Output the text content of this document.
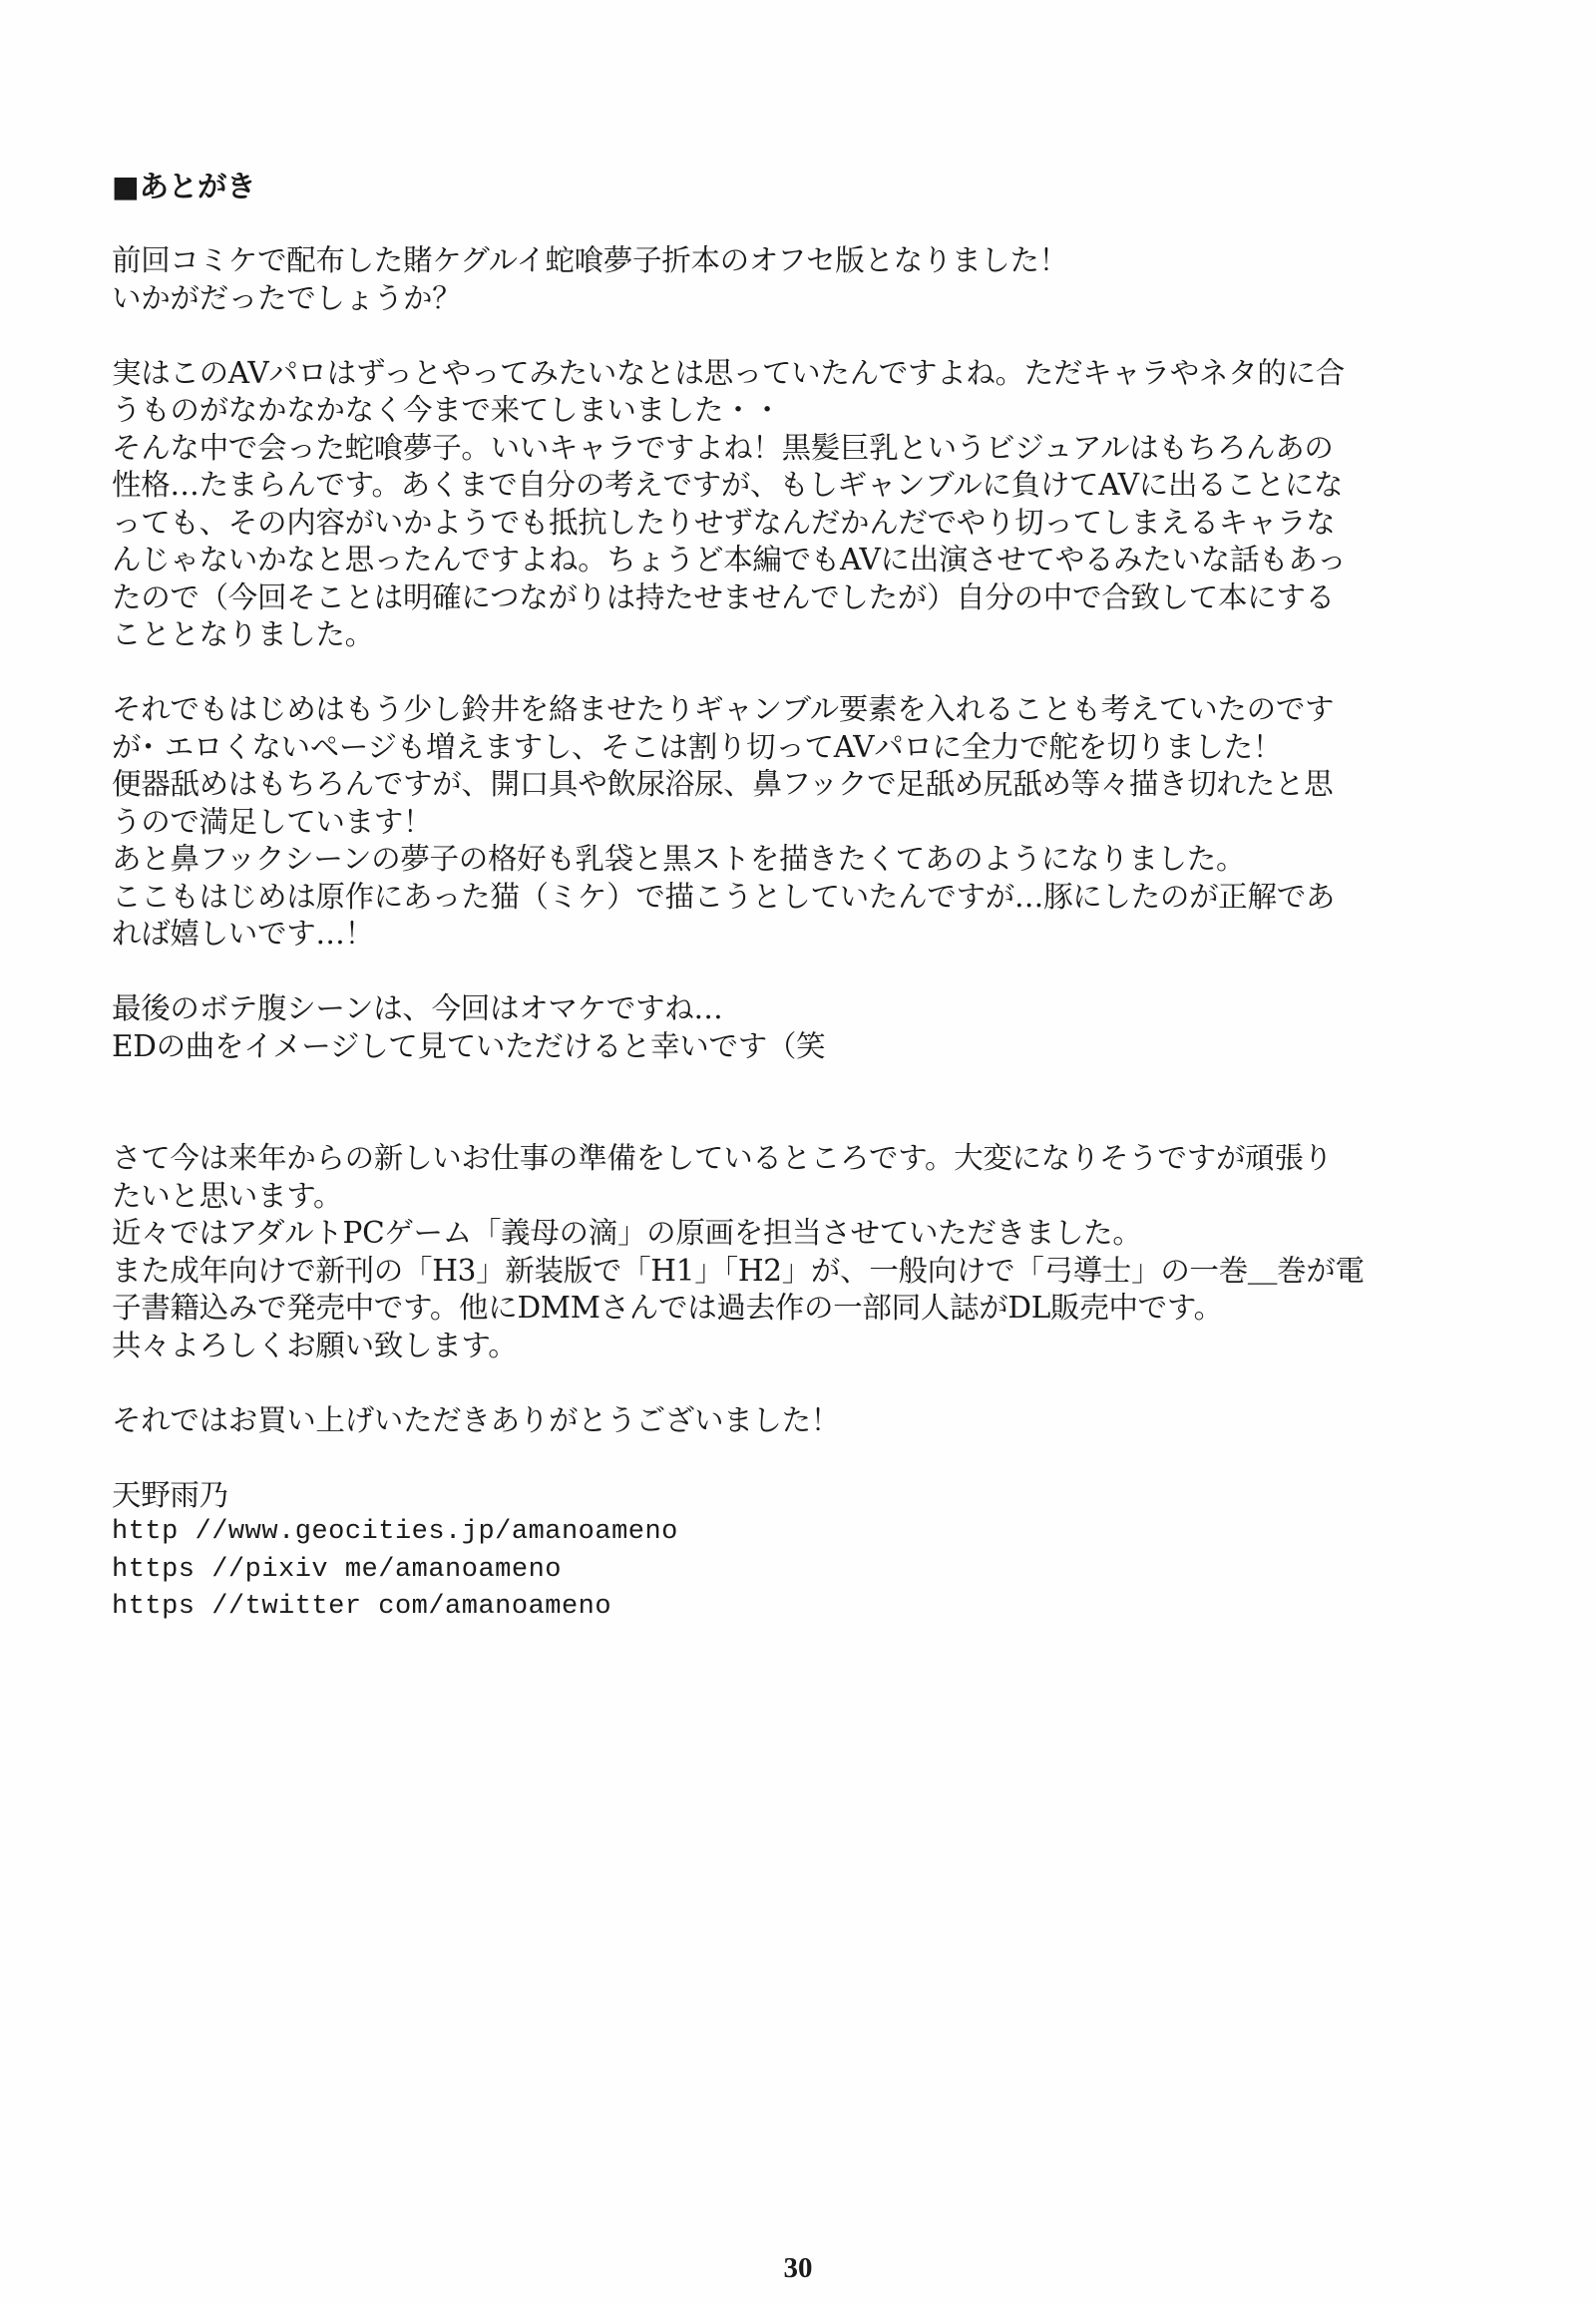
■あとがき
前回コミケで配布した賭ケグルイ蛇喰夢子折本のオフセ版となりました！
いかがだったでしょうか？
実はこのAVパロはずっとやってみたいなとは思っていたんですよね。ただキャラやネタ的に合
うものがなかなかなく今まで来てしまいました・・
そんな中で会った蛇喰夢子。いいキャラですよね！黒髪巨乳というビジュアルはもちろんあの
性格…たまらんです。あくまで自分の考えですが、もしギャンブルに負けてAVに出ることにな
っても、その内容がいかようでも抵抗したりせずなんだかんだでやり切ってしまえるキャラな
んじゃないかなと思ったんですよね。ちょうど本編でもAVに出演させてやるみたいな話もあっ
たので（今回そことは明確につながりは持たせませんでしたが）自分の中で合致して本にする
こととなりました。
それでもはじめはもう少し鈴井を絡ませたりギャンブル要素を入れることも考えていたのです
が･ エロくないページも増えますし、そこは割り切ってAVパロに全力で舵を切りました！
便器舐めはもちろんですが、開口具や飲尿浴尿、鼻フックで足舐め尻舐め等々描き切れたと思
うので満足しています！
あと鼻フックシーンの夢子の格好も乳袋と黒ストを描きたくてあのようになりました。
ここもはじめは原作にあった猫（ミケ）で描こうとしていたんですが…豚にしたのが正解であ
れば嬉しいです…！
最後のボテ腹シーンは、今回はオマケですね…
EDの曲をイメージして見ていただけると幸いです（笑
さて今は来年からの新しいお仕事の準備をしているところです。大変になりそうですが頑張り
たいと思います。
近々ではアダルトPCゲーム「義母の滴」の原画を担当させていただきました。
また成年向けで新刊の「H3」新装版で「H1」「H2」が、一般向けで「弓導士」の一巻＿巻が電
子書籍込みで発売中です。他にDMMさんでは過去作の一部同人誌がDL販売中です。
共々よろしくお願い致します。
それではお買い上げいただきありがとうございました！
天野雨乃
http //www.geocities.jp/amanoameno
https //pixiv me/amanoameno
https //twitter com/amanoameno
30
